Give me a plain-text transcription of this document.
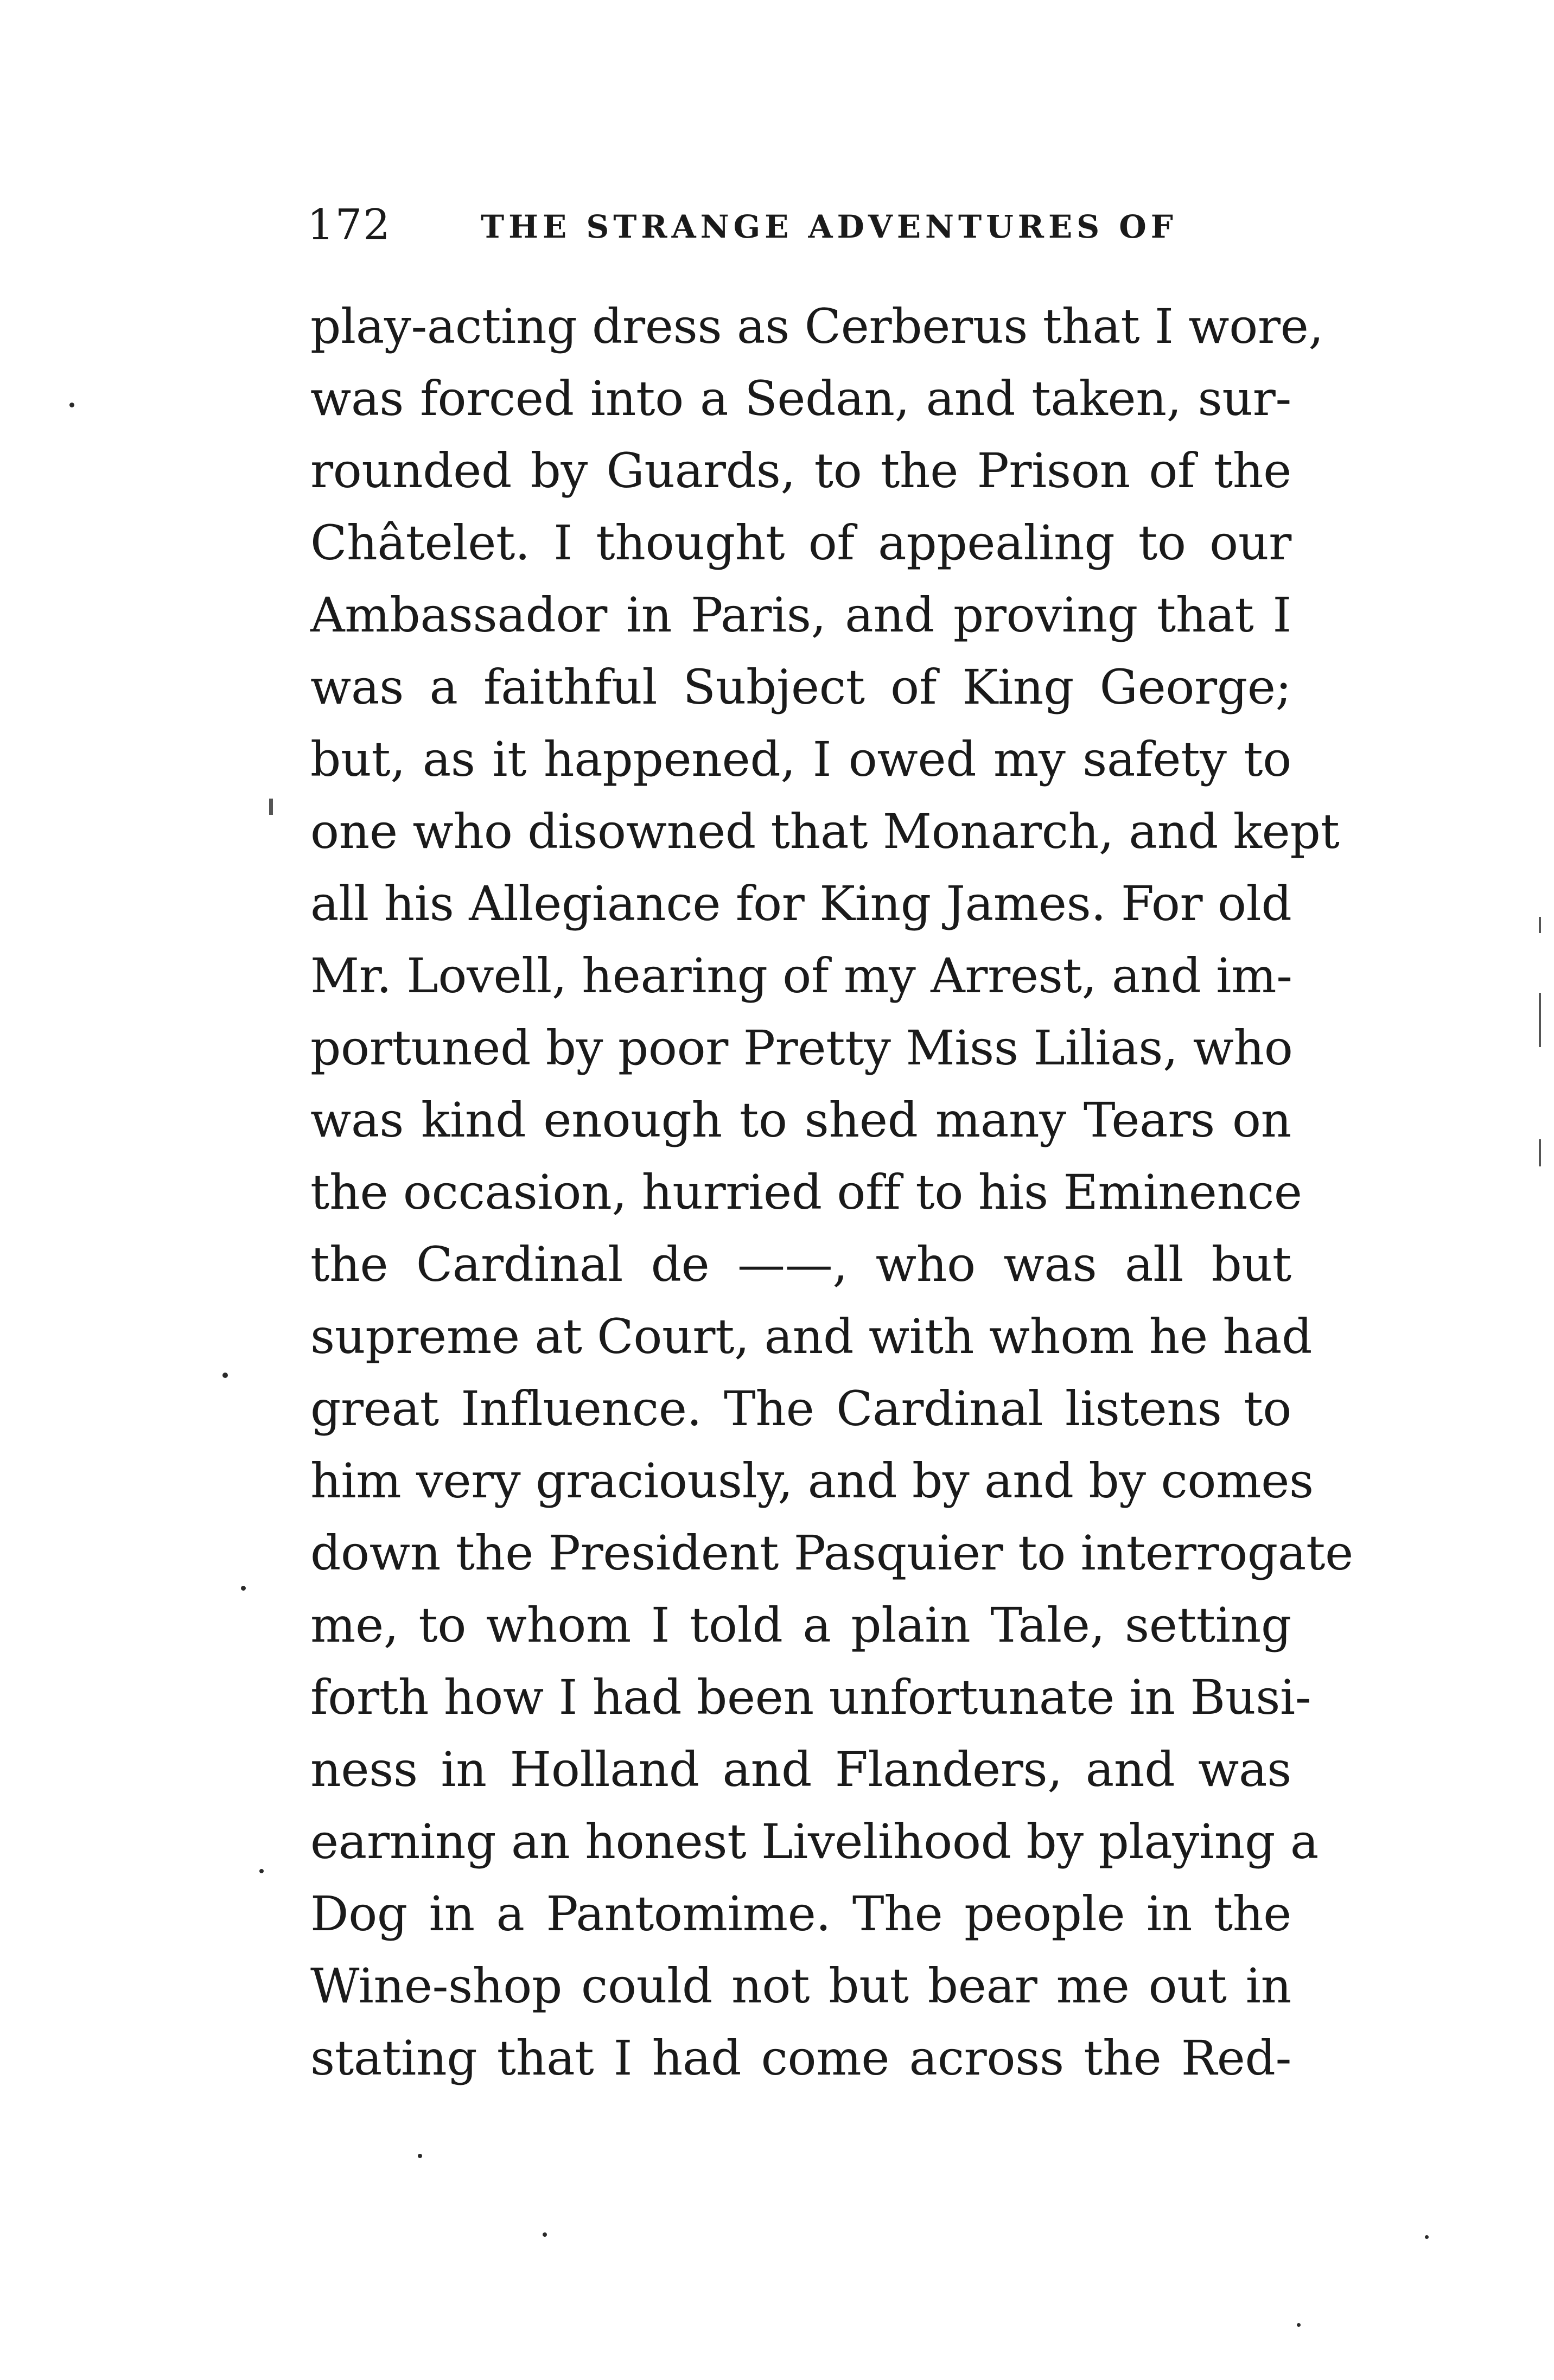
172	THE STRANGE ADVENTURES OF
play-acting dress as Cerberus that I wore,
was forced into a Sedan, and taken, sur-
rounded by Guards, to the Prison of the
Châtelet. I thought of appealing to our
Ambassador in Paris, and proving that I
was a faithful Subject of King George;
but, as it happened, I owed my safety to
one who disowned that Monarch, and kept
all his Allegiance for King James. For old
Mr. Lovell, hearing of my Arrest, and im-
portuned by poor Pretty Miss Lilias, who
was kind enough to shed many Tears on
the occasion, hurried off to his Eminence
the Cardinal de ——, who was all but
supreme at Court, and with whom he had
great Influence. The Cardinal listens to
him very graciously, and by and by comes
down the President Pasquier to interrogate
me, to whom I told a plain Tale, setting
forth how I had been unfortunate in Busi-
ness in Holland and Flanders, and was
earning an honest Livelihood by playing a
Dog in a Pantomime. The people in the
Wine-shop could not but bear me out in
stating that I had come across the Red-
